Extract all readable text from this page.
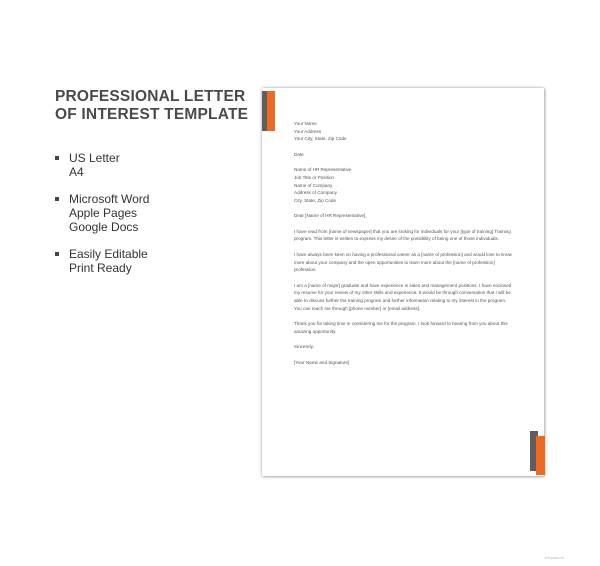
PROFESSIONAL LETTER OF INTEREST TEMPLATE
US Letter
A4
Microsoft Word
Apple Pages
Google Docs
Easily Editable
Print Ready
Your Name
Your Address
Your City, State, Zip Code
Date
Name of HR Representative
Job Title or Position
Name of Company
Address of Company
City, State, Zip Code
Dear [Name of HR Representative],

I have read from [name of newspaper] that you are looking for individuals for your [type of training] Training program. This letter is written to express my desire of the possibility of being one of those individuals.

I have always been keen on having a professional career as a [name of profession] and would love to know more about your company and the open opportunities to learn more about the [name of profession] profession.

I am a [name of major] graduate and have experience in sales and management positions. I have enclosed my resume for your review of my other skills and experience. It would be through conversation that I will be able to discuss further the training program and further information relating to my interest in the program. You can reach me through [phone number] or [email address].

Thank you for taking time in considering me for the program. I look forward to hearing from you about this amazing opportunity.

Sincerely,
[Your Name and Signature]
template.net
